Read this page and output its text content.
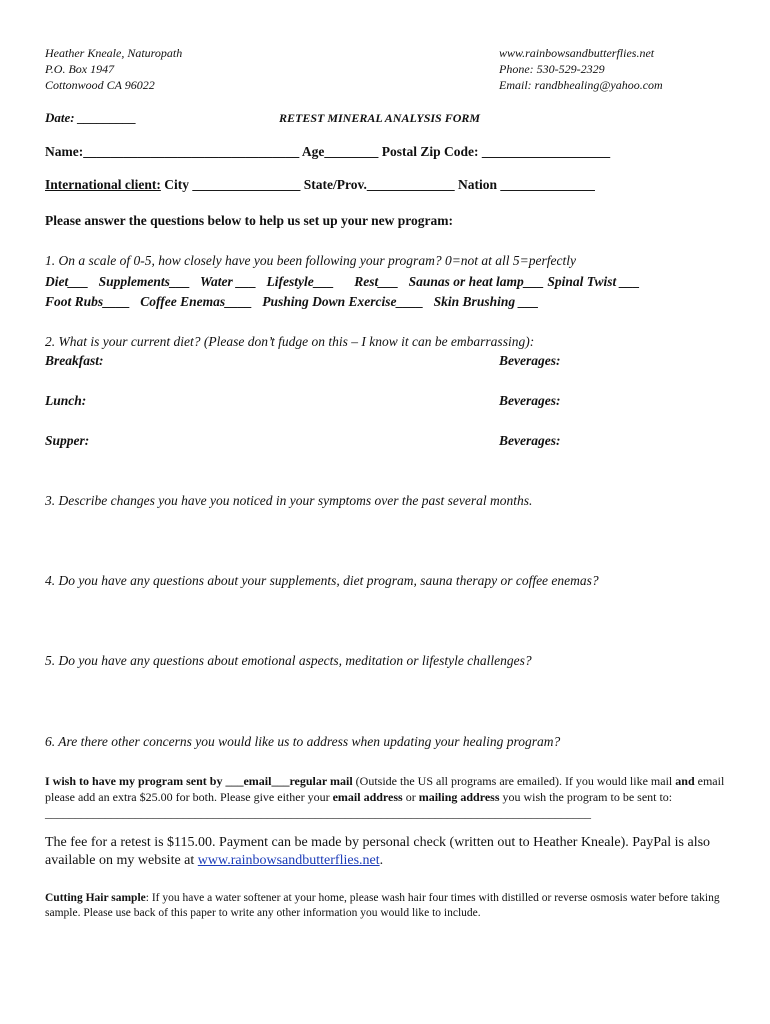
Heather Kneale, Naturopath
P.O. Box 1947
Cottonwood CA 96022
www.rainbowsandbutterflies.net
Phone: 530-529-2329
Email: randbhealing@yahoo.com
Date: _________	RETEST MINERAL ANALYSIS FORM
Name:________________________________ Age________ Postal Zip Code: ___________________
International client: City ________________ State/Prov._____________ Nation ______________
Please answer the questions below to help us set up your new program:
1. On a scale of 0-5, how closely have you been following your program? 0=not at all 5=perfectly
Diet___   Supplements___   Water ___   Lifestyle___      Rest___   Saunas or heat lamp___ Spinal Twist ___
Foot Rubs____   Coffee Enemas____   Pushing Down Exercise____   Skin Brushing ___
2. What is your current diet? (Please don’t fudge on this – I know it can be embarrassing):
Breakfast:	Beverages:
Lunch:	Beverages:
Supper:	Beverages:
3. Describe changes you have you noticed in your symptoms over the past several months.
4. Do you have any questions about your supplements, diet program, sauna therapy or coffee enemas?
5. Do you have any questions about emotional aspects, meditation or lifestyle challenges?
6. Are there other concerns you would like us to address when updating your healing program?
I wish to have my program sent by ___email___regular mail (Outside the US all programs are emailed). If you would like mail and email please add an extra $25.00 for both. Please give either your email address or mailing address you wish the program to be sent to: ___________________________________________________________________________________________
The fee for a retest is $115.00. Payment can be made by personal check (written out to Heather Kneale). PayPal is also available on my website at www.rainbowsandbutterflies.net.
Cutting Hair sample: If you have a water softener at your home, please wash hair four times with distilled or reverse osmosis water before taking sample. Please use back of this paper to write any other information you would like to include.
